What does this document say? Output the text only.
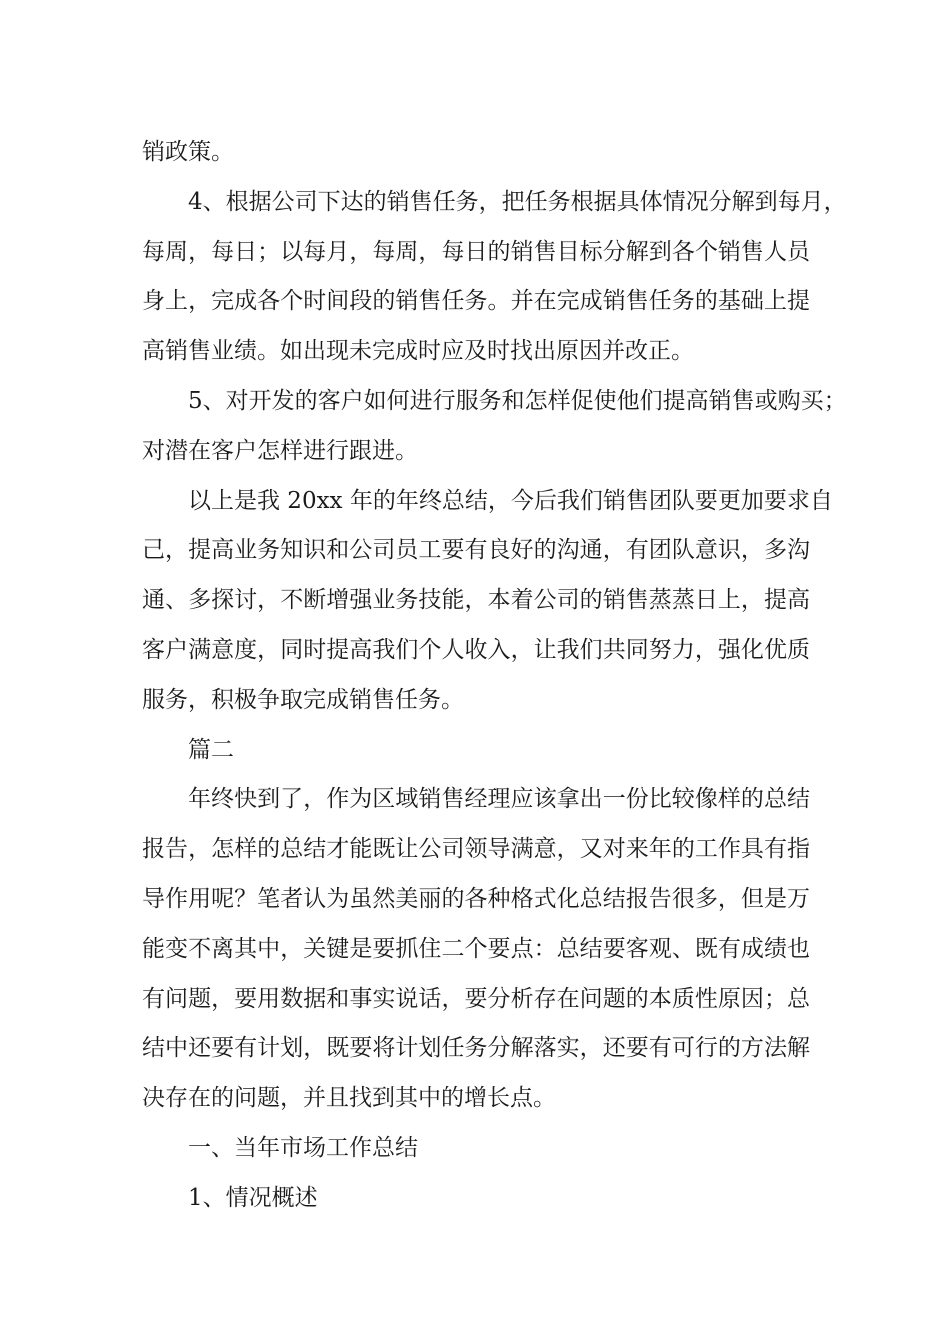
销政策。
4、根据公司下达的销售任务，把任务根据具体情况分解到每月，
每周，每日；以每月，每周，每日的销售目标分解到各个销售人员
身上，完成各个时间段的销售任务。并在完成销售任务的基础上提
高销售业绩。如出现未完成时应及时找出原因并改正。
5、对开发的客户如何进行服务和怎样促使他们提高销售或购买；
对潜在客户怎样进行跟进。
以上是我 20xx 年的年终总结，今后我们销售团队要更加要求自
己，提高业务知识和公司员工要有良好的沟通，有团队意识，多沟
通、多探讨，不断增强业务技能，本着公司的销售蒸蒸日上，提高
客户满意度，同时提高我们个人收入，让我们共同努力，强化优质
服务，积极争取完成销售任务。
篇二
年终快到了，作为区域销售经理应该拿出一份比较像样的总结
报告，怎样的总结才能既让公司领导满意，又对来年的工作具有指
导作用呢？笔者认为虽然美丽的各种格式化总结报告很多，但是万
能变不离其中，关键是要抓住二个要点：总结要客观、既有成绩也
有问题，要用数据和事实说话，要分析存在问题的本质性原因；总
结中还要有计划，既要将计划任务分解落实，还要有可行的方法解
决存在的问题，并且找到其中的增长点。
一、当年市场工作总结
1、情况概述
